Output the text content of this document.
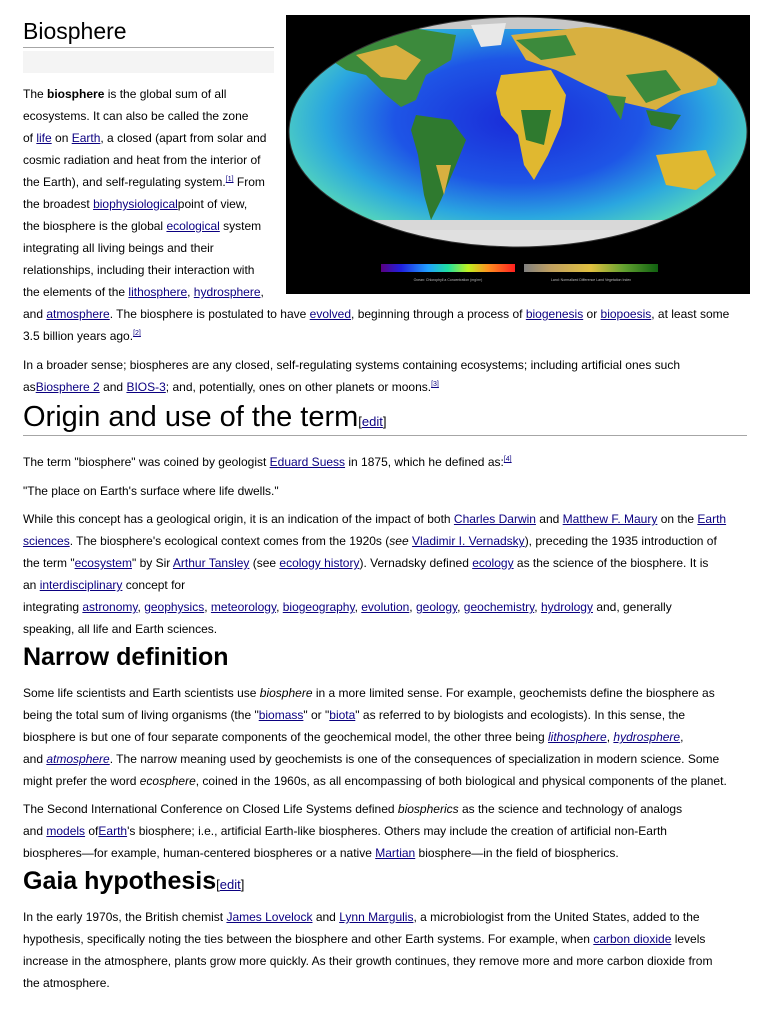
Biosphere
Ocean: Chlorophyll a Concentration (mg/m³)	Land: Normalized Difference Land Vegetation Index

The biosphere is the global sum of all

ecosystems. It can also be called the zone

of life on Earth, a closed (apart from solar and

cosmic radiation and heat from the interior of

the Earth), and self-regulating system.[1] From

the broadest biophysiologicalpoint of view,

the biosphere is the global ecological system

integrating all living beings and their

relationships, including their interaction with

the elements of the lithosphere, hydrosphere,

and atmosphere. The biosphere is postulated to have evolved, beginning through a process of biogenesis or biopoesis, at least some

3.5 billion years ago.[2]

In a broader sense; biospheres are any closed, self-regulating systems containing ecosystems; including artificial ones such

asBiosphere 2 and BIOS-3; and, potentially, ones on other planets or moons.[3]

Origin and use of the term[edit]

The term "biosphere" was coined by geologist Eduard Suess in 1875, which he defined as:[4]

"The place on Earth's surface where life dwells."

While this concept has a geological origin, it is an indication of the impact of both Charles Darwin and Matthew F. Maury on the Earth

sciences. The biosphere's ecological context comes from the 1920s (see Vladimir I. Vernadsky), preceding the 1935 introduction of

the term "ecosystem" by Sir Arthur Tansley (see ecology history). Vernadsky defined ecology as the science of the biosphere. It is

an interdisciplinary concept for

integrating astronomy, geophysics, meteorology, biogeography, evolution, geology, geochemistry, hydrology and, generally

speaking, all life and Earth sciences.

Narrow definition

Some life scientists and Earth scientists use biosphere in a more limited sense. For example, geochemists define the biosphere as

being the total sum of living organisms (the "biomass" or "biota" as referred to by biologists and ecologists). In this sense, the

biosphere is but one of four separate components of the geochemical model, the other three being lithosphere, hydrosphere,

and atmosphere. The narrow meaning used by geochemists is one of the consequences of specialization in modern science. Some

might prefer the word ecosphere, coined in the 1960s, as all encompassing of both biological and physical components of the planet.

The Second International Conference on Closed Life Systems defined biospherics as the science and technology of analogs

and models ofEarth's biosphere; i.e., artificial Earth-like biospheres. Others may include the creation of artificial non-Earth

biospheres—for example, human-centered biospheres or a native Martian biosphere—in the field of biospherics.

Gaia hypothesis[edit]

In the early 1970s, the British chemist James Lovelock and Lynn Margulis, a microbiologist from the United States, added to the

hypothesis, specifically noting the ties between the biosphere and other Earth systems. For example, when carbon dioxide levels

increase in the atmosphere, plants grow more quickly. As their growth continues, they remove more and more carbon dioxide from

the atmosphere.
